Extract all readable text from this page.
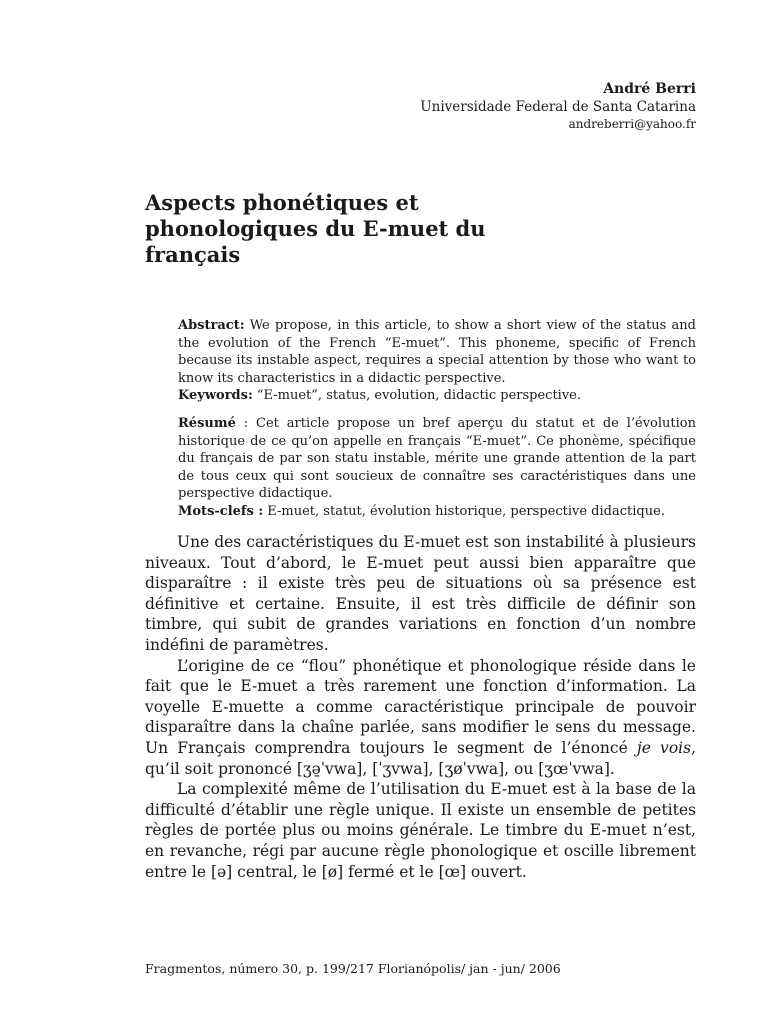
André Berri
Universidade Federal de Santa Catarina
andreberri@yahoo.fr
Aspects phonétiques et phonologiques du E-muet du français

Abstract: We propose, in this article, to show a short view of the status and the evolution of the French “E-muet”. This phoneme, specific of French because its instable aspect, requires a special attention by those who want to know its characteristics in a didactic perspective.

Keywords: “E-muet”, status, evolution, didactic perspective.

Résumé : Cet article propose un bref aperçu du statut et de l’évolution historique de ce qu’on appelle en français “E-muet”. Ce phonème, spécifique du français de par son statu instable, mérite une grande attention de la part de tous ceux qui sont soucieux de connaître ses caractéristiques dans une perspective didactique.

Mots-clefs : E-muet, statut, évolution historique, perspective didactique.

Une des caractéristiques du E-muet est son instabilité à plusieurs niveaux. Tout d’abord, le E-muet peut aussi bien apparaître que disparaître : il existe très peu de situations où sa présence est définitive et certaine. Ensuite, il est très difficile de définir son timbre, qui subit de grandes variations en fonction d’un nombre indéfini de paramètres.

L’origine de ce “flou” phonétique et phonologique réside dans le fait que le E-muet a très rarement une fonction d’information. La voyelle E-muette a comme caractéristique principale de pouvoir disparaître dans la chaîne parlée, sans modifier le sens du message. Un Français comprendra toujours le segment de l’énoncé je vois, qu’il soit prononcé [ʒə̱ˈvwa], [ˈʒvwa], [ʒøˈvwa], ou [ʒœˈvwa].

La complexité même de l’utilisation du E-muet est à la base de la difficulté d’établir une règle unique. Il existe un ensemble de petites règles de portée plus ou moins générale. Le timbre du E-muet n’est, en revanche, régi par aucune règle phonologique et oscille librement entre le [ə] central, le [ø] fermé et le [œ] ouvert.

Fragmentos, número 30, p. 199/217 Florianópolis/ jan - jun/ 2006
